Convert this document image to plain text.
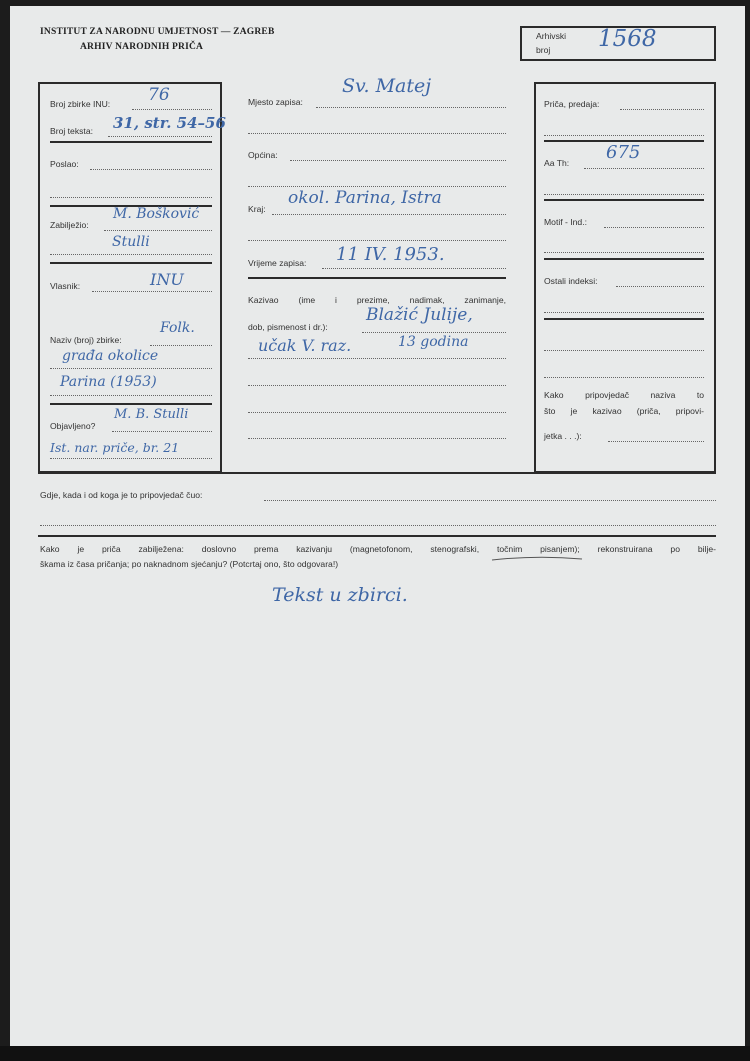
INSTITUT ZA NARODNU UMJETNOST — ZAGREB
ARHIV NARODNIH PRIČA
Arhivski
broj 1568
Broj zbirke INU: 76
Broj teksta: 31, str. 54–56
Poslao:
Zabilježio:
M. Bošković
Stulli
Vlasnik:	INU
Naziv (broj) zbirke:
Folk.
građa okolice
Parina (1953)
Objavljeno?
M. B. Stulli
Ist. nar. priče, br. 21
Mjesto zapisa:
Sv. Matej
Općina:
Kraj:
okol. Parina, Istra
Vrijeme zapisa: 11 IV. 1953.
Kazivao (ime i prezime, nadimak, zanimanje,
dob, pismenost i dr.):
Blažić Julije,
učak V. raz.	13 godina
Priča, predaja:
Aa Th: 675
Motif - Ind.:
Ostali indeksi:
Kako pripovjedač naziva to
što je kazivao (priča, pripovi-
jetka . . .):
Gdje, kada i od koga je to pripovjedač čuo:
Kako je priča zabilježena: doslovno prema kazivanju (magnetofonom, stenografski, točnim pisanjem); rekonstruirana po bilje-
škama iz časa pričanja; po naknadnom sjećanju? (Potcrtaj ono, što odgovara!)
Tekst u zbirci.
